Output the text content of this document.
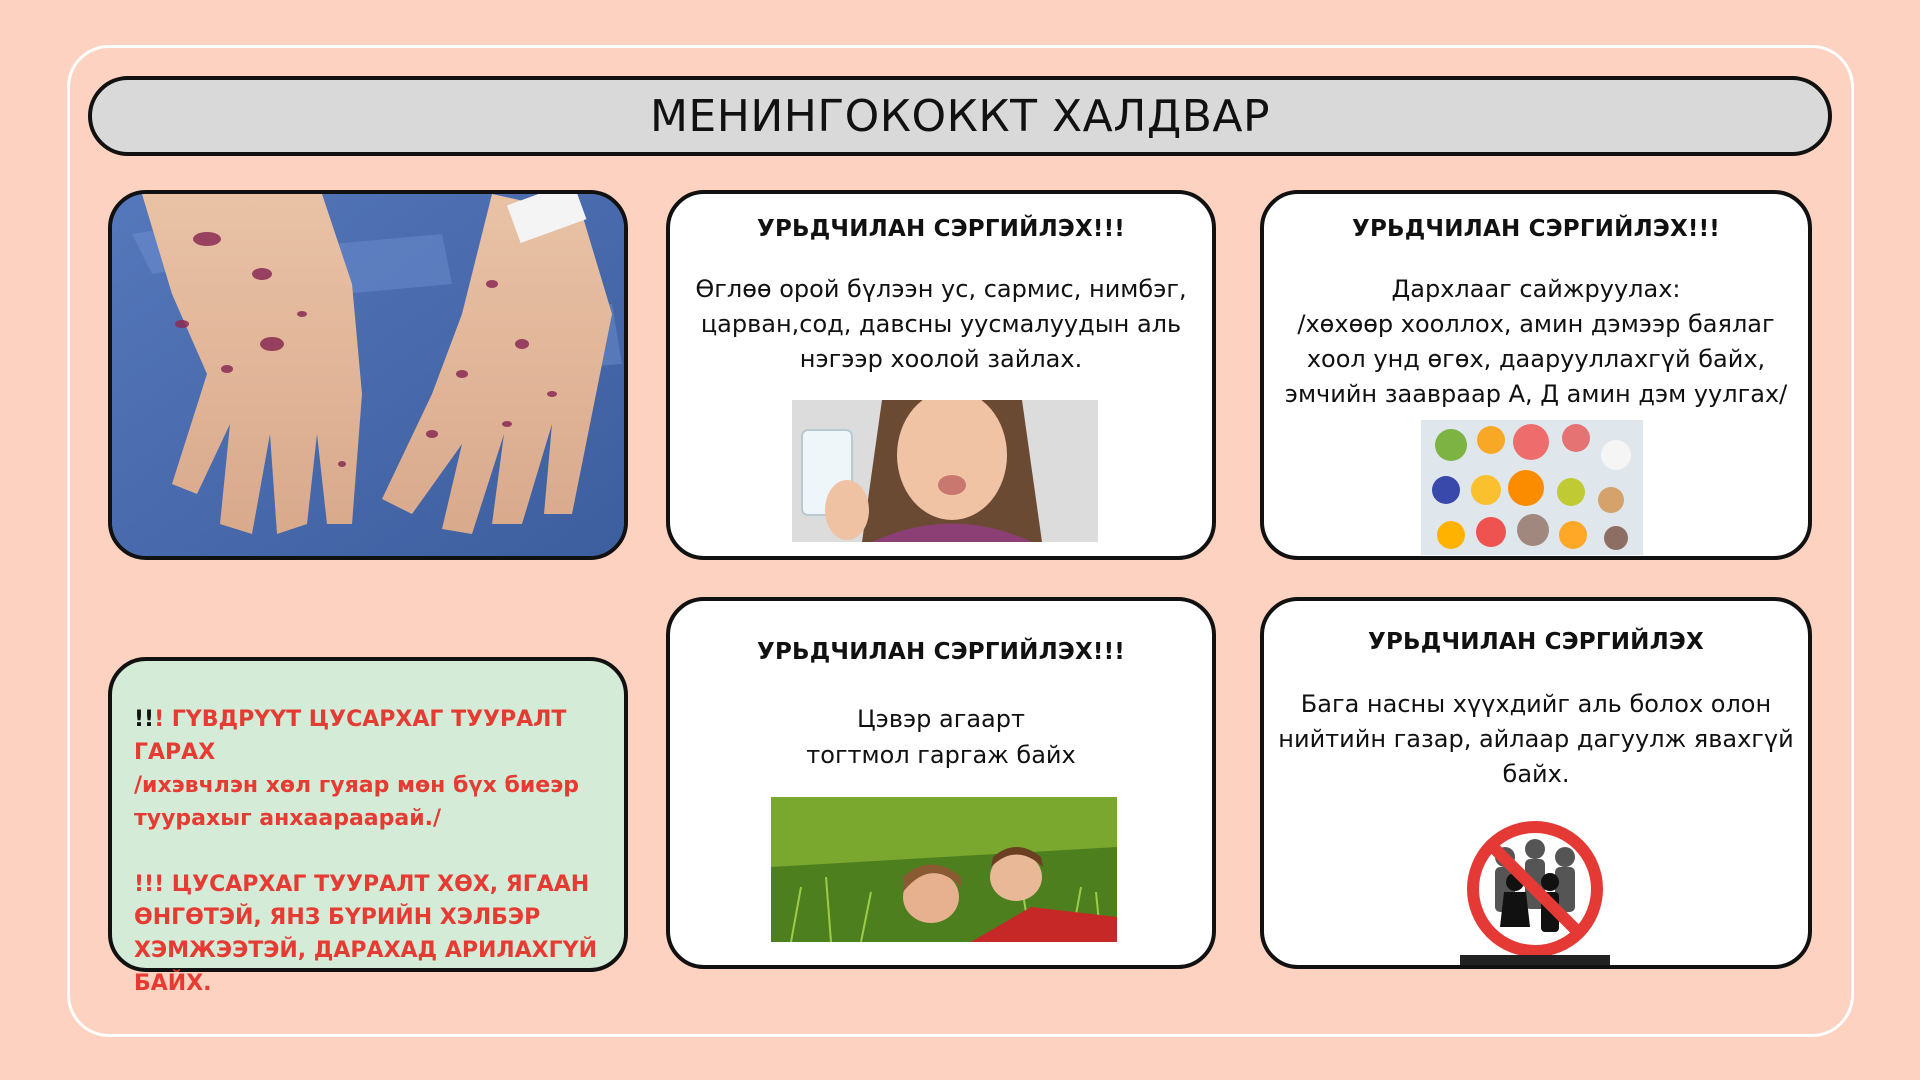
МЕНИНГОКОККТ ХАЛДВАР
!!! ГҮВДРҮҮТ ЦУСАРХАГ ТУУРАЛТ ГАРАХ
/ихэвчлэн хөл гуяар мөн бүх биеэр туурахыг анхаараарай./
!!! ЦУСАРХАГ ТУУРАЛТ ХӨХ, ЯГААН ӨНГӨТЭЙ, ЯНЗ БҮРИЙН ХЭЛБЭР ХЭМЖЭЭТЭЙ, ДАРАХАД АРИЛАХГҮЙ БАЙХ.
УРЬДЧИЛАН СЭРГИЙЛЭХ!!!

Өглөө орой бүлээн ус, сармис, нимбэг,
царван,сод, давсны уусмалуудын аль
нэгээр хоолой зайлах.

УРЬДЧИЛАН СЭРГИЙЛЭХ!!!

Дархлааг сайжруулах:
/хөхөөр хооллох, амин дэмээр баялаг
хоол унд өгөх, даарууллахгүй байх,
эмчийн заавраар А, Д амин дэм уулгах/

УРЬДЧИЛАН СЭРГИЙЛЭХ!!!

Цэвэр агаарт
тогтмол гаргаж байх

УРЬДЧИЛАН СЭРГИЙЛЭХ

Бага насны хүүхдийг аль болох олон
нийтийн газар, айлаар дагуулж явахгүй
байх.
